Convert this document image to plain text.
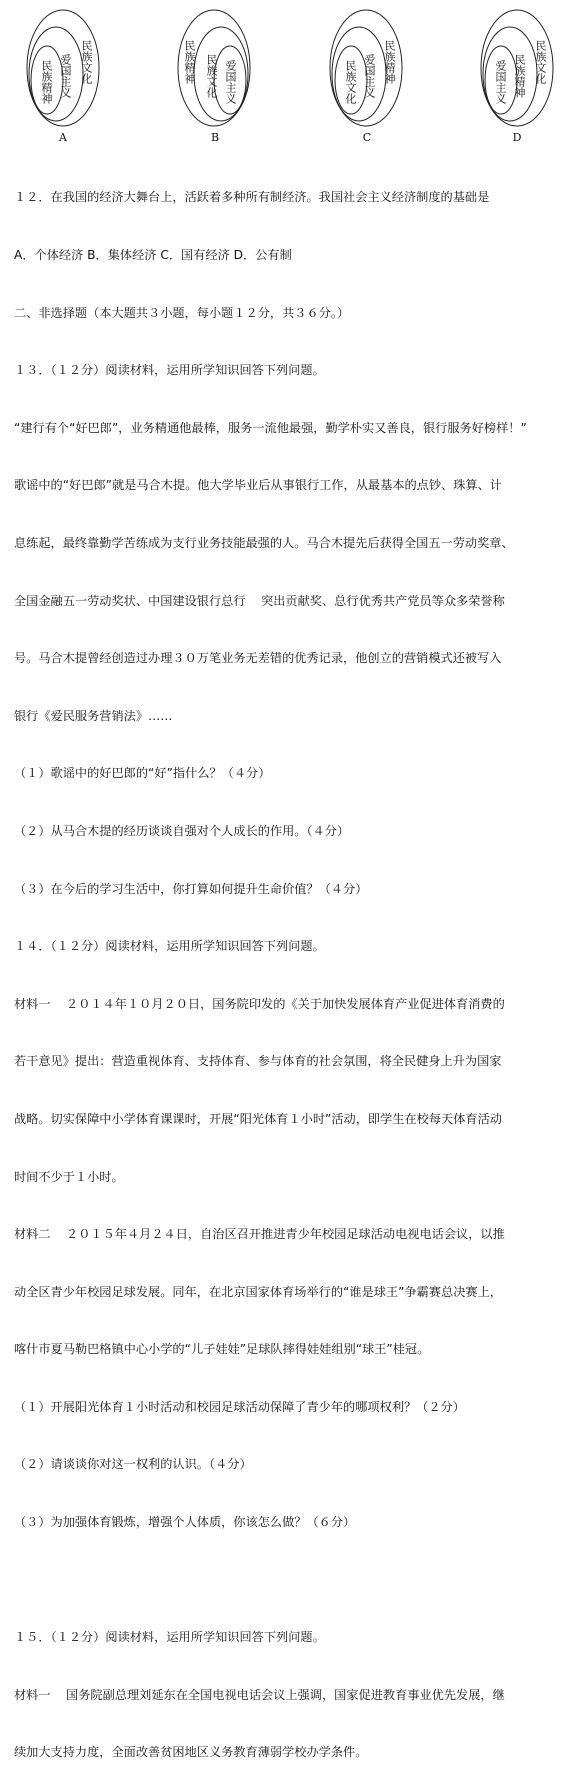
民族文化
爱国主义
民族精神
A
民族精神 民族文化 爱国主义
B
民族精神
爱国主义
民族文化
C
民族文化
民族精神
爱国主义
D

１２．在我国的经济大舞台上，活跃着多种所有制经济。我国社会主义经济制度的基础是

A．个体经济 B．集体经济 C．国有经济 D．公有制

二、非选择题（本大题共３小题，每小题１２分，共３６分。）

１３．（１２分）阅读材料，运用所学知识回答下列问题。

“建行有个“好巴郎”，业务精通他最棒，服务一流他最强，勤学朴实又善良，银行服务好榜样！”

歌谣中的“好巴郎”就是马合木提。他大学毕业后从事银行工作，从最基本的点钞、珠算、计

息练起，最终靠勤学苦练成为支行业务技能最强的人。马合木提先后获得全国五一劳动奖章、

全国金融五一劳动奖状、中国建设银行总行    突出贡献奖、总行优秀共产党员等众多荣誉称

号。马合木提曾经创造过办理３０万笔业务无差错的优秀记录，他创立的营销模式还被写入

银行《爱民服务营销法》……

（１）歌谣中的好巴郎的“好”指什么？（４分）

（２）从马合木提的经历谈谈自强对个人成长的作用。（４分）

（３）在今后的学习生活中，你打算如何提升生命价值？（４分）

１４．（１２分）阅读材料，运用所学知识回答下列问题。

材料一    ２０１４年１０月２０日，国务院印发的《关于加快发展体育产业促进体育消费的

若干意见》提出：营造重视体育、支持体育、参与体育的社会氛围，将全民健身上升为国家

战略。切实保障中小学体育课课时，开展“阳光体育１小时”活动，即学生在校每天体育活动

时间不少于１小时。

材料二    ２０１５年４月２４日，自治区召开推进青少年校园足球活动电视电话会议，以推

动全区青少年校园足球发展。同年，在北京国家体育场举行的“谁是球王”争霸赛总决赛上，

喀什市夏马勒巴格镇中心小学的“儿子娃娃”足球队摔得娃娃组别“球王”桂冠。

（１）开展阳光体育１小时活动和校园足球活动保障了青少年的哪项权利？（２分）

（２）请谈谈你对这一权利的认识。（４分）

（３）为加强体育锻炼，增强个人体质，你该怎么做？（６分）

１５．（１２分）阅读材料，运用所学知识回答下列问题。

材料一    国务院副总理刘延东在全国电视电话会议上强调，国家促进教育事业优先发展，继

续加大支持力度，全面改善贫困地区义务教育薄弱学校办学条件。
